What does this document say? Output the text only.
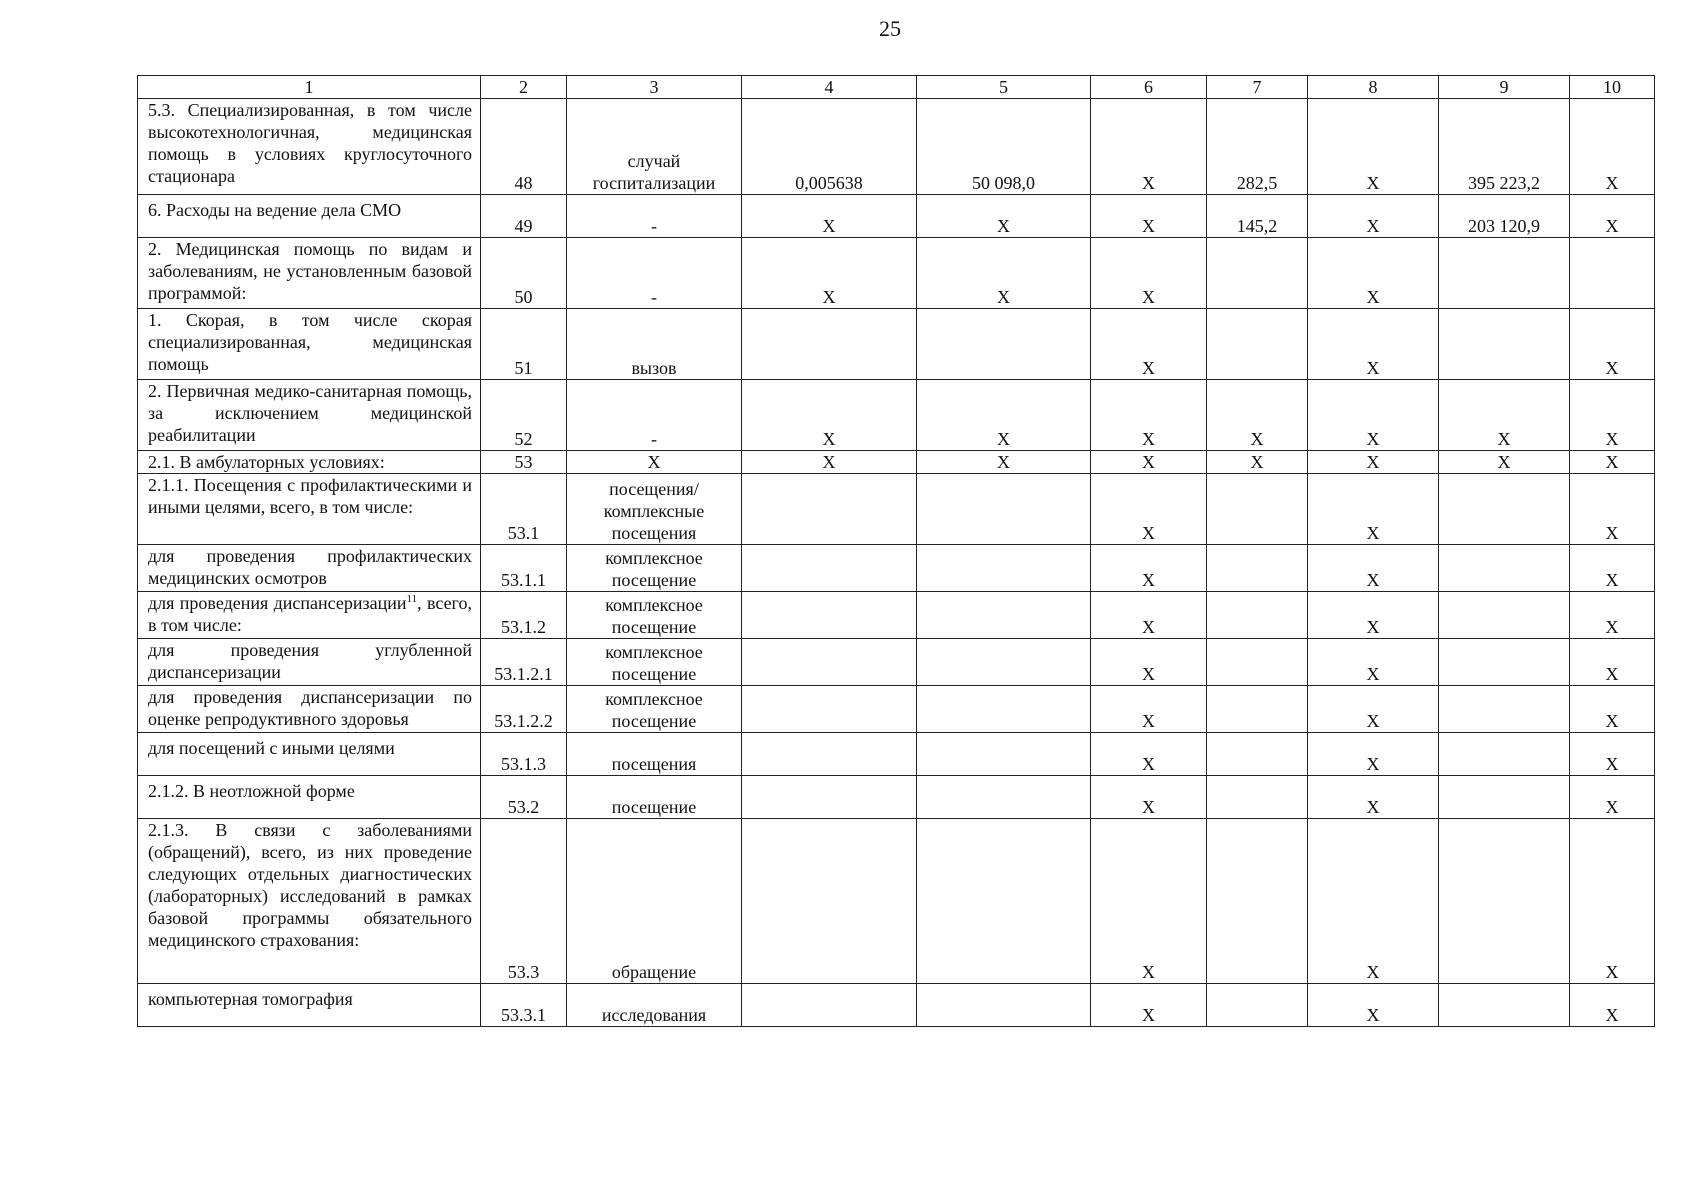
25
1	2	3	4	5	6	7	8	9	10
5.3. Специализированная, в том числе высокотехнологичная, медицинская помощь в условиях круглосуточного стационара	48	случай госпитализации	0,005638	50 098,0	X	282,5	X	395 223,2	X
6. Расходы на ведение дела СМО	49	-	X	X	X	145,2	X	203 120,9	X
2. Медицинская помощь по видам и заболеваниям, не установленным базовой программой:	50	-	X	X	X		X		
1. Скорая, в том числе скорая специализированная, медицинская помощь	51	вызов			X		X		X
2. Первичная медико-санитарная помощь, за исключением медицинской реабилитации	52	-	X	X	X	X	X	X	X
2.1. В амбулаторных условиях:	53	X	X	X	X	X	X	X	X
2.1.1. Посещения с профилактическими и иными целями, всего, в том числе:	53.1	посещения/ комплексные посещения			X		X		X
для проведения профилактических медицинских осмотров	53.1.1	комплексное посещение			X		X		X
для проведения диспансеризации$^{11}$, всего, в том числе:	53.1.2	комплексное посещение			X		X		X
для проведения углубленной диспансеризации	53.1.2.1	комплексное посещение			X		X		X
для проведения диспансеризации по оценке репродуктивного здоровья	53.1.2.2	комплексное посещение			X		X		X
для посещений с иными целями	53.1.3	посещения			X		X		X
2.1.2. В неотложной форме	53.2	посещение			X		X		X
2.1.3. В связи с заболеваниями (обращений), всего, из них проведение следующих отдельных диагностических (лабораторных) исследований в рамках базовой программы обязательного медицинского страхования:	53.3	обращение			X		X		X
компьютерная томография	53.3.1	исследования			X		X		X
